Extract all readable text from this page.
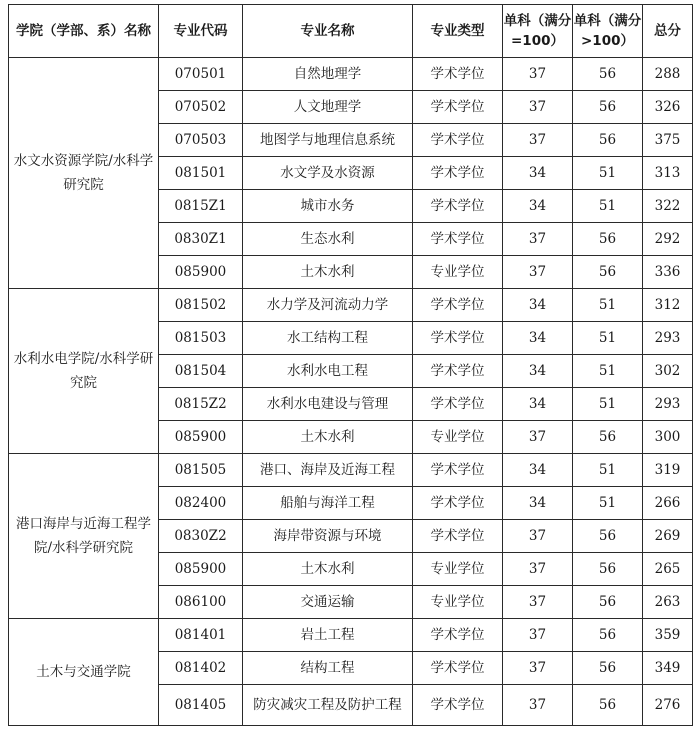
学院（学部、系）名称	专业代码	专业名称	专业类型	单科（满分=100）	单科（满分>100）	总分
水文水资源学院/水科学研究院	070501	自然地理学	学术学位	37	56	288
	070502	人文地理学	学术学位	37	56	326
	070503	地图学与地理信息系统	学术学位	37	56	375
	081501	水文学及水资源	学术学位	34	51	313
	0815Z1	城市水务	学术学位	34	51	322
	0830Z1	生态水利	学术学位	37	56	292
	085900	土木水利	专业学位	37	56	336
水利水电学院/水科学研究院	081502	水力学及河流动力学	学术学位	34	51	312
	081503	水工结构工程	学术学位	34	51	293
	081504	水利水电工程	学术学位	34	51	302
	0815Z2	水利水电建设与管理	学术学位	34	51	293
	085900	土木水利	专业学位	37	56	300
港口海岸与近海工程学院/水科学研究院	081505	港口、海岸及近海工程	学术学位	34	51	319
	082400	船舶与海洋工程	学术学位	34	51	266
	0830Z2	海岸带资源与环境	学术学位	37	56	269
	085900	土木水利	专业学位	37	56	265
	086100	交通运输	专业学位	37	56	263
土木与交通学院	081401	岩土工程	学术学位	37	56	359
	081402	结构工程	学术学位	37	56	349
	081405	防灾减灾工程及防护工程	学术学位	37	56	276
